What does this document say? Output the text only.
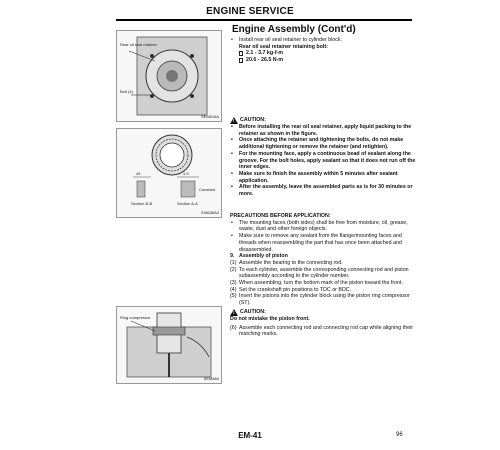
ENGINE SERVICE
Engine Assembly (Cont'd)
Rear oil seal retainer
Bolt (4)
SEM616A
45	4.5
Constant
Section B-B	Section A-A
EM636A4
Ring compressor
SEM684
• Install rear oil seal retainer to cylinder block.
Rear oil seal retainer retaining bolt:
2.1 - 3.7 kg-f-m
20.6 - 26.5 N-m
!
CAUTION:
• Before installing the rear oil seal retainer, apply liquid packing to the retainer as shown in the figure.
• Once attaching the retainer and tightening the bolts, do not make additional tightening or remove the retainer (and retighten).
• For the mounting face, apply a continuous bead of sealant along the groove. For the bolt holes, apply sealant so that it does not run off the inner edges.
• Make sure to finish the assembly within 5 minutes after sealant application.
• After the assembly, leave the assembled parts as is for 30 minutes or more.
PRECAUTIONS BEFORE APPLICATION:
• The mounting faces (both sides) shall be free from moisture, oil, grease, waste, dust and other foreign objects.
• Make sure to remove any sealant from the flange/mounting faces and threads when reassembling the part that has once been attached and disassembled.
9. Assembly of piston
(1) Assemble the bearing to the connecting rod.
(2) To each cylinder, assemble the corresponding connecting rod and piston subassembly according to the cylinder number.
(3) When assembling, turn the bottom mark of the piston toward the front.
(4) Set the crankshaft pin positions to TDC or BDC.
(5) Insert the pistons into the cylinder block using the piston ring compressor (ST).
!
CAUTION:
Do not mistake the piston front.
(6) Assemble each connecting rod and connecting rod cap while aligning their matching marks.
EM-41	96
